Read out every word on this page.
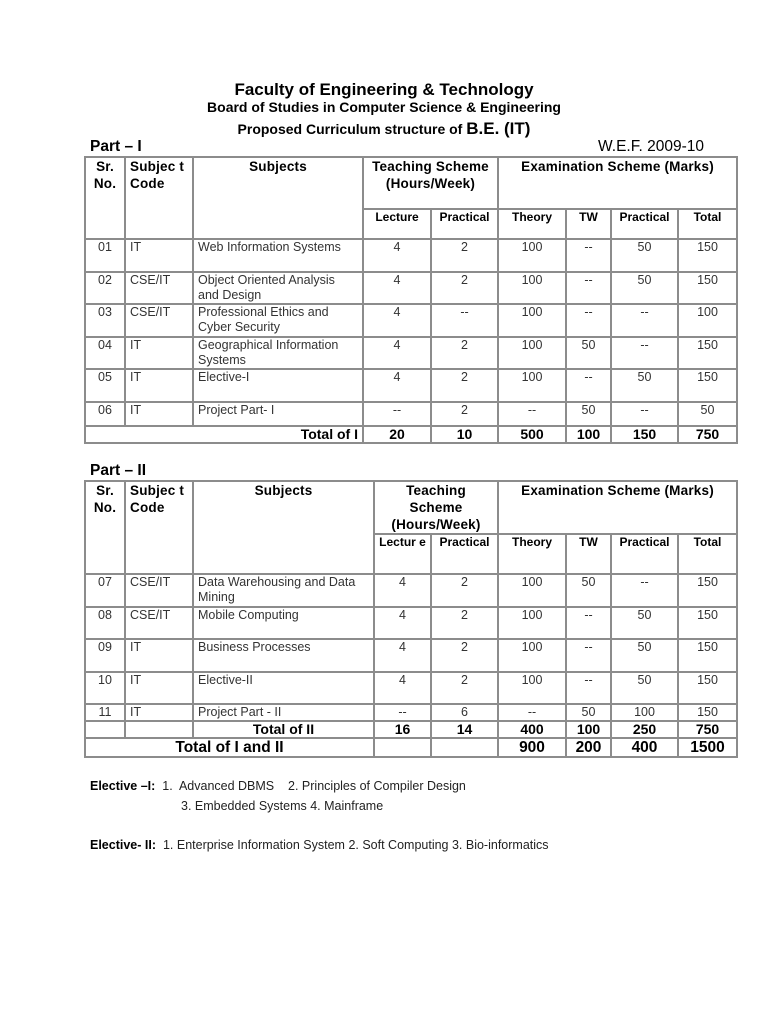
Faculty of Engineering & Technology
Board of Studies in Computer Science & Engineering
Proposed Curriculum structure of B.E. (IT)
Part – I	W.E.F. 2009-10
Sr. No.	Subjec t Code	Subjects	Teaching Scheme (Hours/Week)		Examination Scheme (Marks)			
			Lecture	Practical	Theory	TW	Practical	Total
01	IT	Web Information Systems	4	2	100	--	50	150
02	CSE/IT	Object Oriented Analysis and Design	4	2	100	--	50	150
03	CSE/IT	Professional Ethics and Cyber Security	4	--	100	--	--	100
04	IT	Geographical Information Systems	4	2	100	50	--	150
05	IT	Elective-I	4	2	100	--	50	150
06	IT	Project Part- I	--	2	--	50	--	50
Total of I			20	10	500	100	150	750
Part – II
Sr. No.	Subjec t Code	Subjects	Teaching Scheme (Hours/Week)		Examination Scheme (Marks)			
			Lectur e	Practical	Theory	TW	Practical	Total
07	CSE/IT	Data Warehousing and Data Mining	4	2	100	50	--	150
08	CSE/IT	Mobile Computing	4	2	100	--	50	150
09	IT	Business Processes	4	2	100	--	50	150
10	IT	Elective-II	4	2	100	--	50	150
11	IT	Project Part - II	--	6	--	50	100	150
		Total of II	16	14	400	100	250	750
Total of I and II					900	200	400	1500
Elective –I: 1.  Advanced DBMS    2. Principles of Compiler Design
3. Embedded Systems 4. Mainframe
Elective- II: 1. Enterprise Information System 2. Soft Computing 3. Bio-informatics
